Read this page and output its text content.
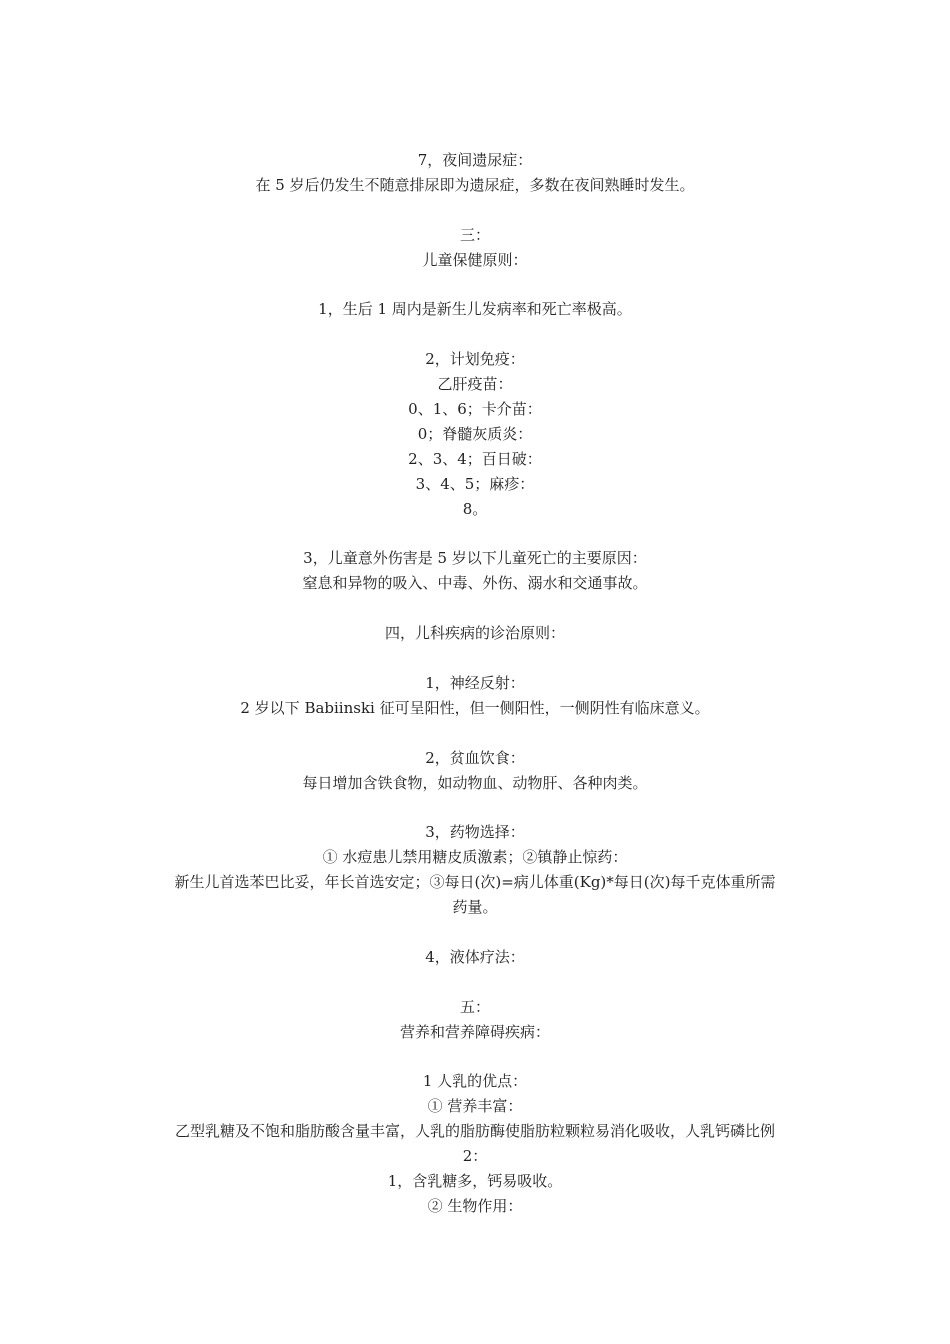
7，夜间遗尿症：
在 5 岁后仍发生不随意排尿即为遗尿症，多数在夜间熟睡时发生。
三：
儿童保健原则：
1，生后 1 周内是新生儿发病率和死亡率极高。
2，计划免疫：
乙肝疫苗：
0、1、6；卡介苗：
0；脊髓灰质炎：
2、3、4；百日破：
3、4、5；麻疹：
8。
3，儿童意外伤害是 5 岁以下儿童死亡的主要原因：
窒息和异物的吸入、中毒、外伤、溺水和交通事故。
四，儿科疾病的诊治原则：
1，神经反射：
2 岁以下 Babiinski 征可呈阳性，但一侧阳性，一侧阴性有临床意义。
2，贫血饮食：
每日增加含铁食物，如动物血、动物肝、各种肉类。
3，药物选择：
① 水痘患儿禁用糖皮质激素；②镇静止惊药：
新生儿首选苯巴比妥，年长首选安定；③每日(次)=病儿体重(Kg)*每日(次)每千克体重所需
药量。
4，液体疗法：
五：
营养和营养障碍疾病：
1 人乳的优点：
① 营养丰富：
乙型乳糖及不饱和脂肪酸含量丰富，人乳的脂肪酶使脂肪粒颗粒易消化吸收，人乳钙磷比例
2：
1，含乳糖多，钙易吸收。
② 生物作用：
